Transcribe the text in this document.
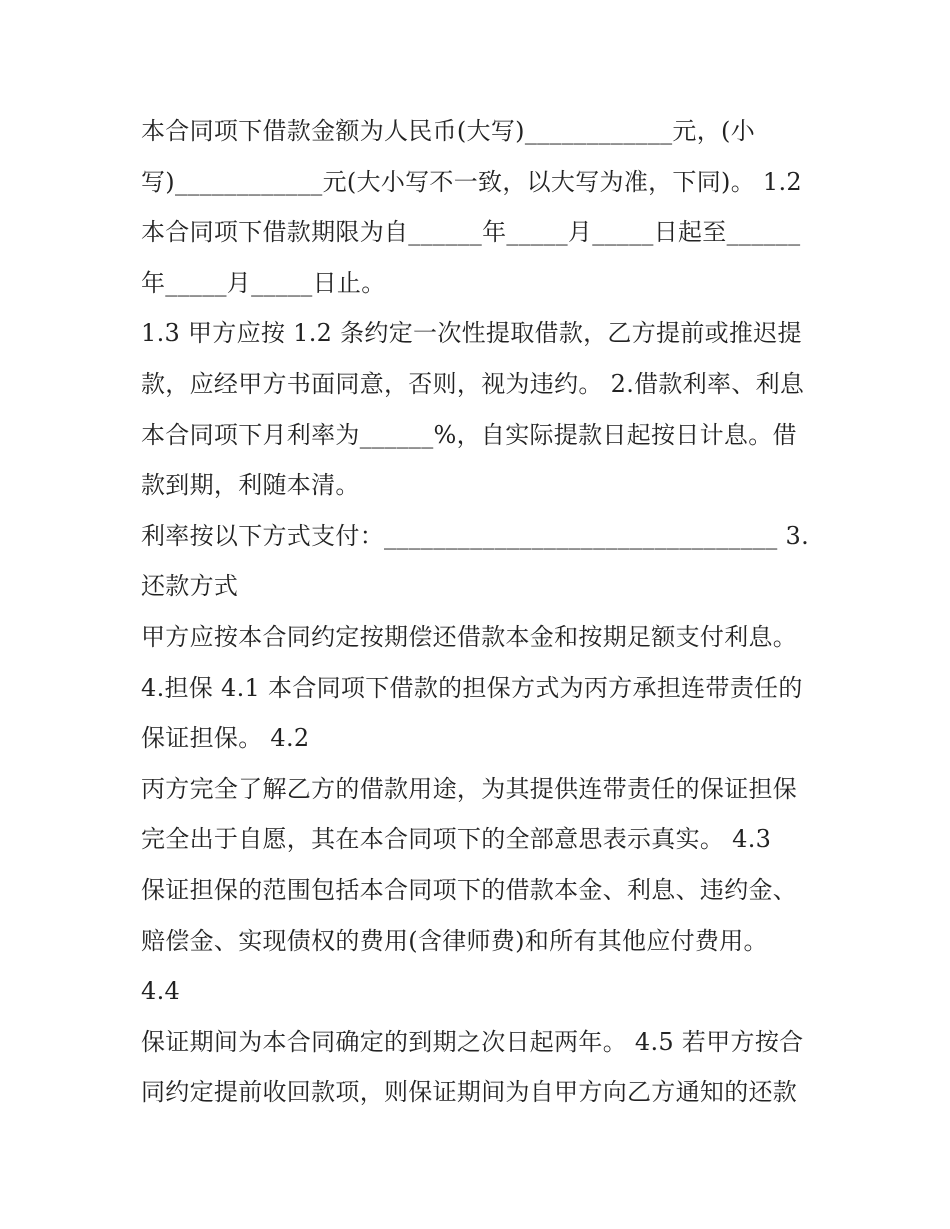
本合同项下借款金额为人民币(大写)____________元，(小
写)____________元(大小写不一致，以大写为准，下同)。 1.2
本合同项下借款期限为自______年_____月_____日起至______
年_____月_____日止。
1.3 甲方应按 1.2 条约定一次性提取借款，乙方提前或推迟提
款，应经甲方书面同意，否则，视为违约。 2.借款利率、利息
本合同项下月利率为______%，自实际提款日起按日计息。借
款到期，利随本清。
利率按以下方式支付：________________________________ 3.
还款方式
甲方应按本合同约定按期偿还借款本金和按期足额支付利息。
4.担保 4.1 本合同项下借款的担保方式为丙方承担连带责任的
保证担保。 4.2
丙方完全了解乙方的借款用途，为其提供连带责任的保证担保
完全出于自愿，其在本合同项下的全部意思表示真实。 4.3
保证担保的范围包括本合同项下的借款本金、利息、违约金、
赔偿金、实现债权的费用(含律师费)和所有其他应付费用。
4.4
保证期间为本合同确定的到期之次日起两年。 4.5 若甲方按合
同约定提前收回款项，则保证期间为自甲方向乙方通知的还款
